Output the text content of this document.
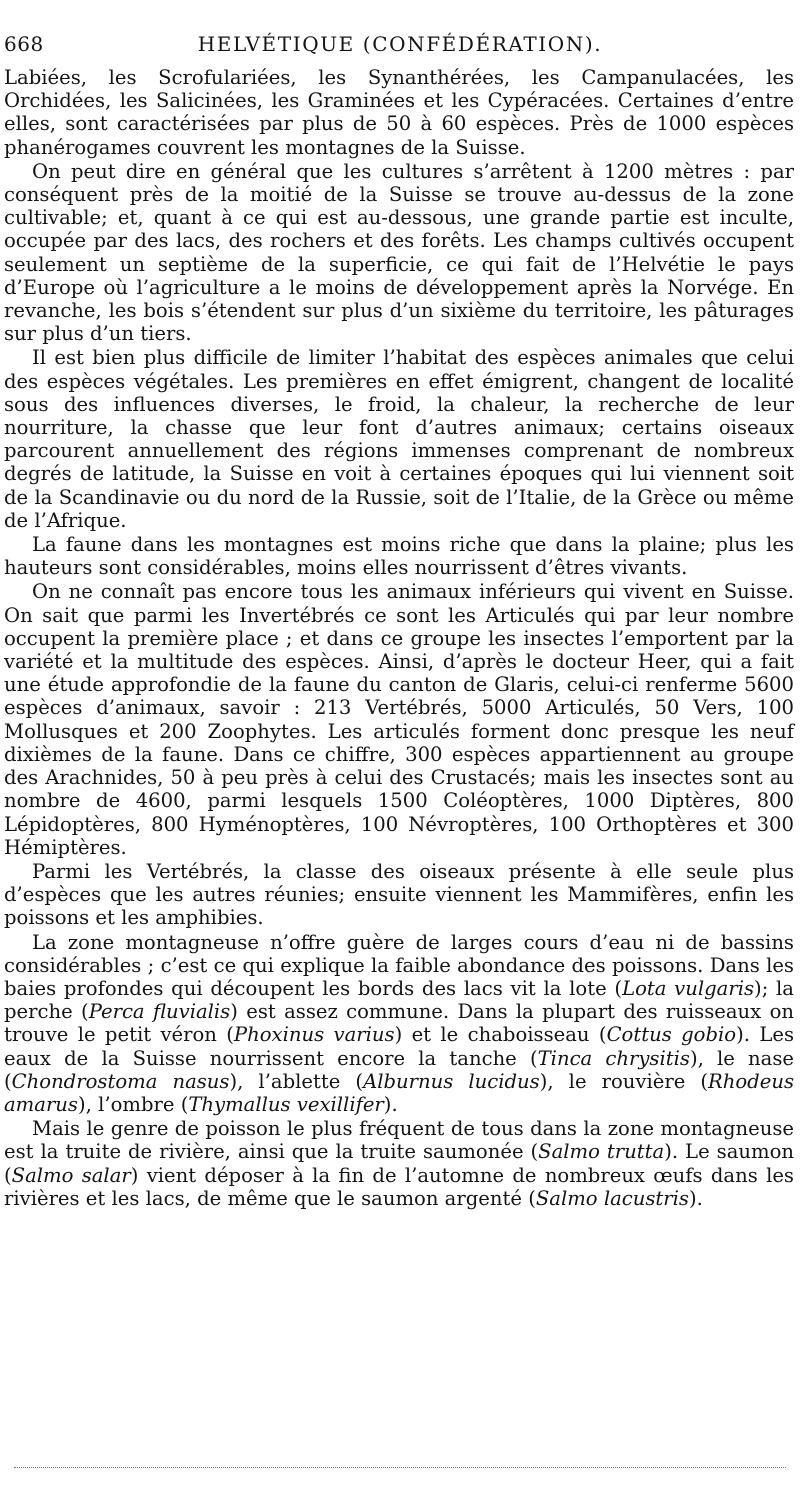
668	HELVÉTIQUE (CONFÉDÉRATION).

Labiées, les Scrofulariées, les Synanthérées, les Campanulacées, les Orchidées, les Salicinées, les Graminées et les Cypéracées. Certaines d’entre elles, sont caractérisées par plus de 50 à 60 espèces. Près de 1000 espèces phanérogames couvrent les montagnes de la Suisse.

On peut dire en général que les cultures s’arrêtent à 1200 mètres : par conséquent près de la moitié de la Suisse se trouve au-dessus de la zone cultivable; et, quant à ce qui est au-dessous, une grande partie est inculte, occupée par des lacs, des rochers et des forêts. Les champs cultivés occupent seulement un septième de la superficie, ce qui fait de l’Helvétie le pays d’Europe où l’agriculture a le moins de développement après la Norvége. En revanche, les bois s’étendent sur plus d’un sixième du territoire, les pâturages sur plus d’un tiers.

Il est bien plus difficile de limiter l’habitat des espèces animales que celui des espèces végétales. Les premières en effet émigrent, changent de localité sous des influences diverses, le froid, la chaleur, la recherche de leur nourriture, la chasse que leur font d’autres animaux; certains oiseaux parcourent annuellement des régions immenses comprenant de nombreux degrés de latitude, la Suisse en voit à certaines époques qui lui viennent soit de la Scandinavie ou du nord de la Russie, soit de l’Italie, de la Grèce ou même de l’Afrique.

La faune dans les montagnes est moins riche que dans la plaine; plus les hauteurs sont considérables, moins elles nourrissent d’êtres vivants.

On ne connaît pas encore tous les animaux inférieurs qui vivent en Suisse. On sait que parmi les Invertébrés ce sont les Articulés qui par leur nombre occupent la première place ; et dans ce groupe les insectes l’emportent par la variété et la multitude des espèces. Ainsi, d’après le docteur Heer, qui a fait une étude approfondie de la faune du canton de Glaris, celui-ci renferme 5600 espèces d’animaux, savoir : 213 Vertébrés, 5000 Articulés, 50 Vers, 100 Mollusques et 200 Zoophytes. Les articulés forment donc presque les neuf dixièmes de la faune. Dans ce chiffre, 300 espèces appartiennent au groupe des Arachnides, 50 à peu près à celui des Crustacés; mais les insectes sont au nombre de 4600, parmi lesquels 1500 Coléoptères, 1000 Diptères, 800 Lépidoptères, 800 Hyménoptères, 100 Névroptères, 100 Orthoptères et 300 Hémiptères.

Parmi les Vertébrés, la classe des oiseaux présente à elle seule plus d’espèces que les autres réunies; ensuite viennent les Mammifères, enfin les poissons et les amphibies.

La zone montagneuse n’offre guère de larges cours d’eau ni de bassins considérables ; c’est ce qui explique la faible abondance des poissons. Dans les baies profondes qui découpent les bords des lacs vit la lote (Lota vulgaris); la perche (Perca fluvialis) est assez commune. Dans la plupart des ruisseaux on trouve le petit véron (Phoxinus varius) et le chaboisseau (Cottus gobio). Les eaux de la Suisse nourrissent encore la tanche (Tinca chrysitis), le nase (Chondrostoma nasus), l’ablette (Alburnus lucidus), le rouvière (Rhodeus amarus), l’ombre (Thymallus vexillifer).

Mais le genre de poisson le plus fréquent de tous dans la zone montagneuse est la truite de rivière, ainsi que la truite saumonée (Salmo trutta). Le saumon (Salmo salar) vient déposer à la fin de l’automne de nombreux œufs dans les rivières et les lacs, de même que le saumon argenté (Salmo lacustris).
